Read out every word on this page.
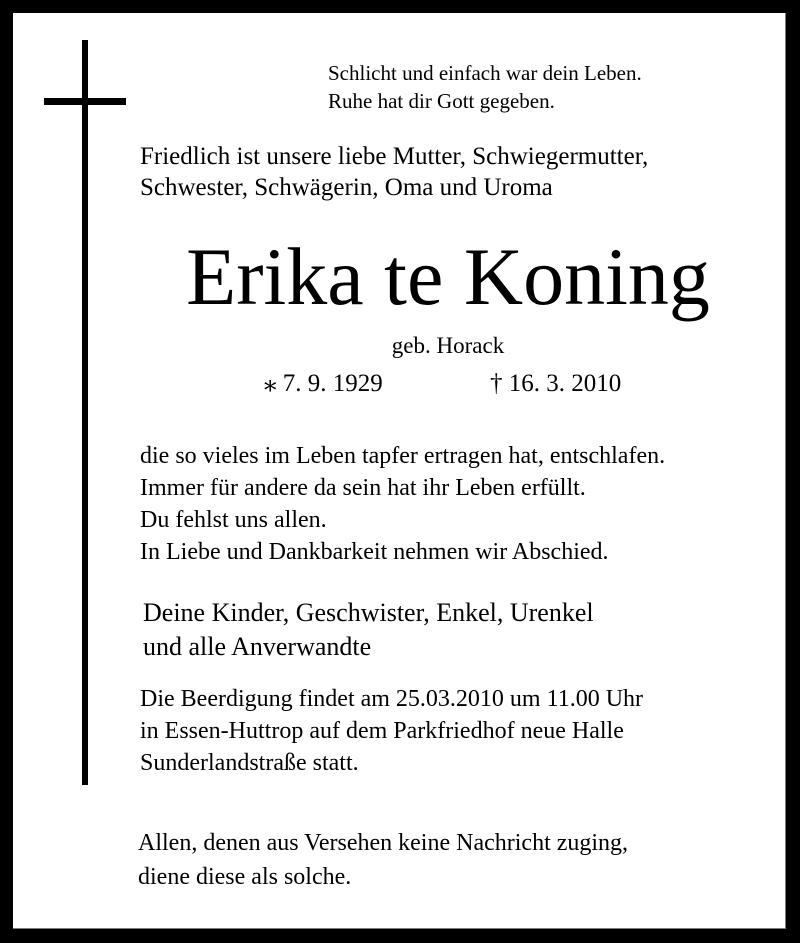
Schlicht und einfach war dein Leben.
Ruhe hat dir Gott gegeben.
Friedlich ist unsere liebe Mutter, Schwiegermutter,
Schwester, Schwägerin, Oma und Uroma
Erika te Koning
geb. Horack
⁎ 7. 9. 1929	† 16. 3. 2010
die so vieles im Leben tapfer ertragen hat, entschlafen.
Immer für andere da sein hat ihr Leben erfüllt.
Du fehlst uns allen.
In Liebe und Dankbarkeit nehmen wir Abschied.
Deine Kinder, Geschwister, Enkel, Urenkel
und alle Anverwandte
Die Beerdigung findet am 25.03.2010 um 11.00 Uhr
in Essen-Huttrop auf dem Parkfriedhof neue Halle
Sunderlandstraße statt.
Allen, denen aus Versehen keine Nachricht zuging,
diene diese als solche.
